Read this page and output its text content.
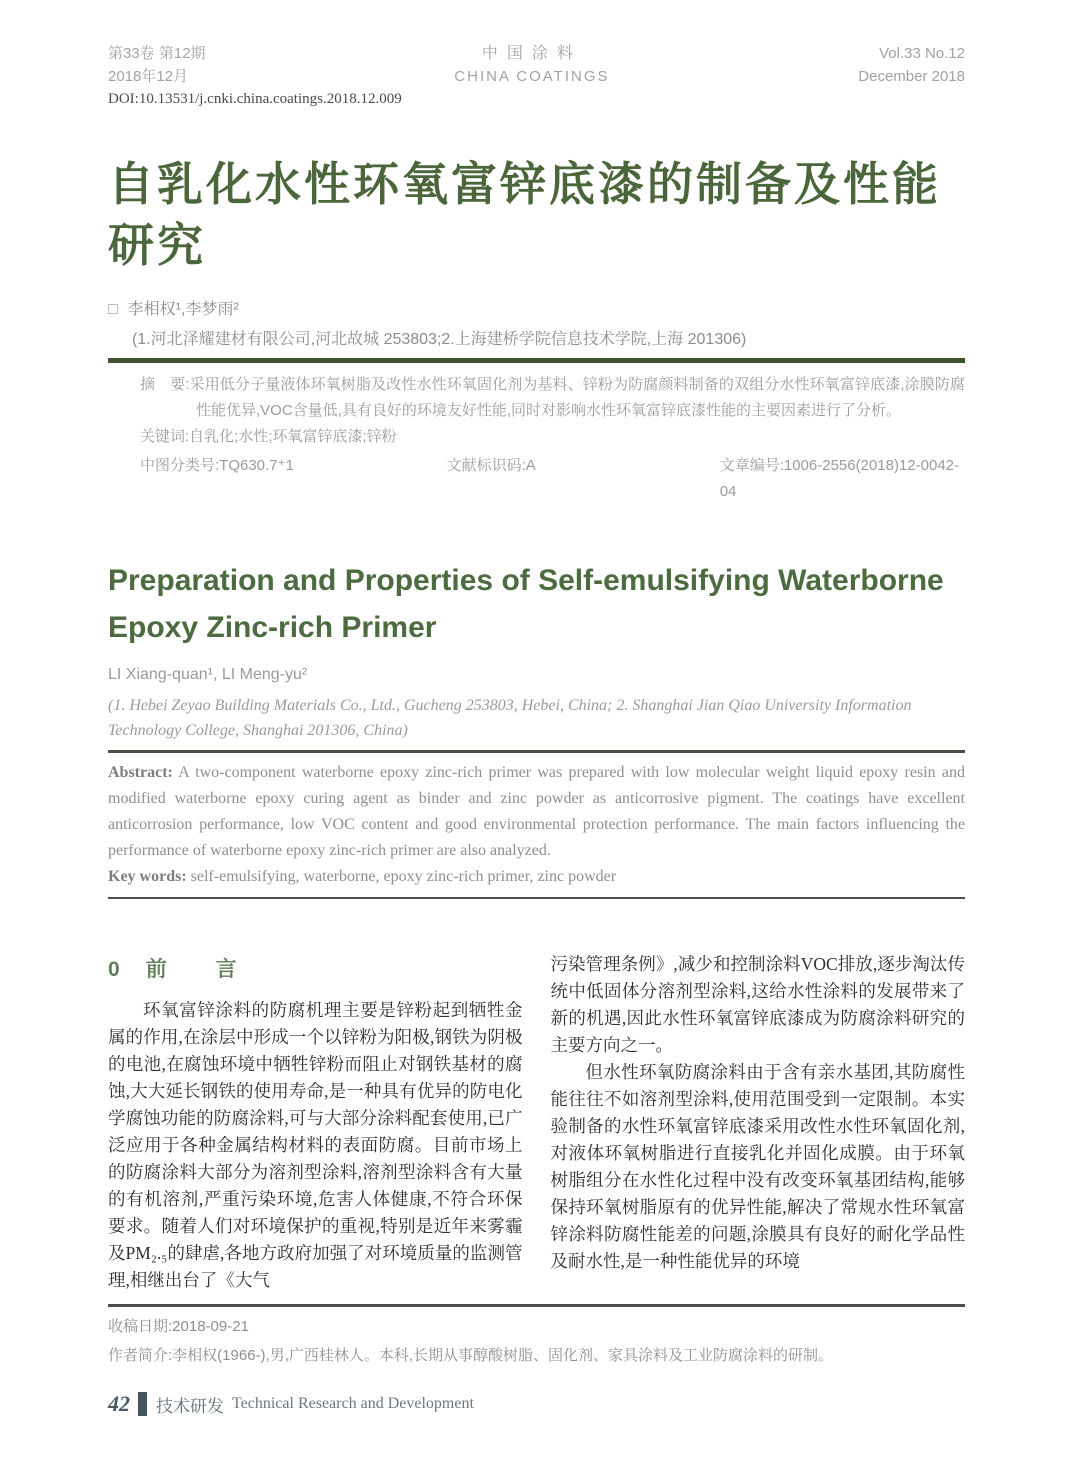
第33卷 第12期
2018年12月
中国涂料
CHINA COATINGS
Vol.33 No.12
December 2018
DOI:10.13531/j.cnki.china.coatings.2018.12.009
自乳化水性环氧富锌底漆的制备及性能研究
□ 李相权¹,李梦雨²
(1.河北泽耀建材有限公司,河北故城 253803;2.上海建桥学院信息技术学院,上海 201306)

摘　要:采用低分子量液体环氧树脂及改性水性环氧固化剂为基料、锌粉为防腐颜料制备的双组分水性环氧富锌底漆,涂膜防腐性能优异,VOC含量低,具有良好的环境友好性能,同时对影响水性环氧富锌底漆性能的主要因素进行了分析。

关键词:自乳化;水性;环氧富锌底漆;锌粉

中图分类号:TQ630.7⁺1	文献标识码:A	文章编号:1006-2556(2018)12-0042-04

Preparation and Properties of Self-emulsifying Waterborne Epoxy Zinc-rich Primer
LI Xiang-quan¹, LI Meng-yu²
(1. Hebei Zeyao Building Materials Co., Ltd., Gucheng 253803, Hebei, China; 2. Shanghai Jian Qiao University Information Technology College, Shanghai 201306, China)

Abstract: A two-component waterborne epoxy zinc-rich primer was prepared with low molecular weight liquid epoxy resin and modified waterborne epoxy curing agent as binder and zinc powder as anticorrosive pigment. The coatings have excellent anticorrosion performance, low VOC content and good environmental protection performance. The main factors influencing the performance of waterborne epoxy zinc-rich primer are also analyzed.

Key words: self-emulsifying, waterborne, epoxy zinc-rich primer, zinc powder

0 前　言

环氧富锌涂料的防腐机理主要是锌粉起到牺牲金属的作用,在涂层中形成一个以锌粉为阳极,钢铁为阴极的电池,在腐蚀环境中牺牲锌粉而阻止对钢铁基材的腐蚀,大大延长钢铁的使用寿命,是一种具有优异的防电化学腐蚀功能的防腐涂料,可与大部分涂料配套使用,已广泛应用于各种金属结构材料的表面防腐。目前市场上的防腐涂料大部分为溶剂型涂料,溶剂型涂料含有大量的有机溶剂,严重污染环境,危害人体健康,不符合环保要求。随着人们对环境保护的重视,特别是近年来雾霾及PM₂.₅的肆虐,各地方政府加强了对环境质量的监测管理,相继出台了《大气

污染管理条例》,减少和控制涂料VOC排放,逐步淘汰传统中低固体分溶剂型涂料,这给水性涂料的发展带来了新的机遇,因此水性环氧富锌底漆成为防腐涂料研究的主要方向之一。

但水性环氧防腐涂料由于含有亲水基团,其防腐性能往往不如溶剂型涂料,使用范围受到一定限制。本实验制备的水性环氧富锌底漆采用改性水性环氧固化剂,对液体环氧树脂进行直接乳化并固化成膜。由于环氧树脂组分在水性化过程中没有改变环氧基团结构,能够保持环氧树脂原有的优异性能,解决了常规水性环氧富锌涂料防腐性能差的问题,涂膜具有良好的耐化学品性及耐水性,是一种性能优异的环境

收稿日期:2018-09-21

作者简介:李相权(1966-),男,广西桂林人。本科,长期从事醇酸树脂、固化剂、家具涂料及工业防腐涂料的研制。

42 技术研发 Technical Research and Development
